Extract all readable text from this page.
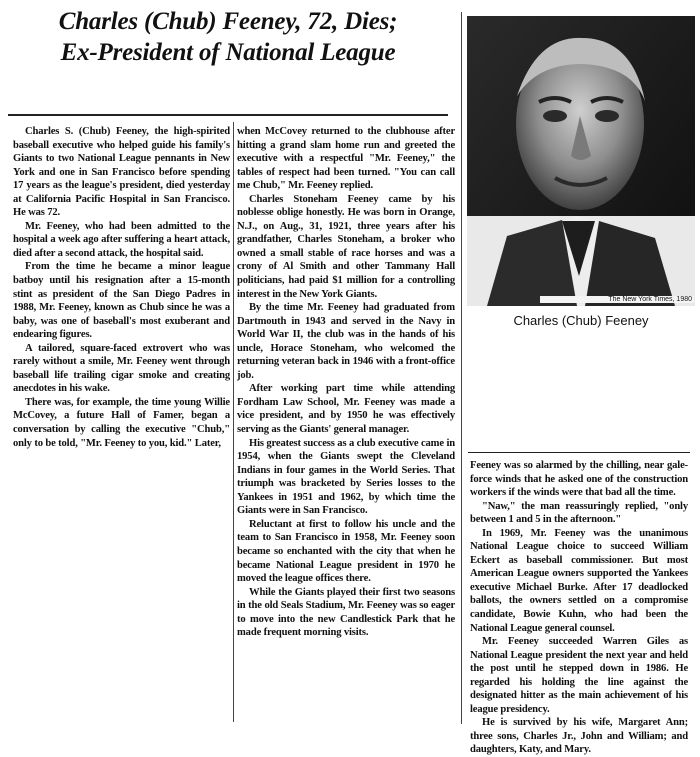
Charles (Chub) Feeney, 72, Dies;
Ex-President of National League
The New York Times, 1980
Charles (Chub) Feeney

Charles S. (Chub) Feeney, the high-spirited baseball executive who helped guide his family's Giants to two National League pennants in New York and one in San Francisco before spending 17 years as the league's president, died yesterday at California Pacific Hospital in San Francisco. He was 72.

Mr. Feeney, who had been admitted to the hospital a week ago after suffering a heart attack, died after a second attack, the hospital said.

From the time he became a minor league batboy until his resignation after a 15-month stint as president of the San Diego Padres in 1988, Mr. Feeney, known as Chub since he was a baby, was one of baseball's most exuberant and endearing figures.

A tailored, square-faced extrovert who was rarely without a smile, Mr. Feeney went through baseball life trailing cigar smoke and creating anecdotes in his wake.

There was, for example, the time young Willie McCovey, a future Hall of Famer, began a conversation by calling the executive "Chub," only to be told, "Mr. Feeney to you, kid." Later,

when McCovey returned to the clubhouse after hitting a grand slam home run and greeted the executive with a respectful "Mr. Feeney," the tables of respect had been turned. "You can call me Chub," Mr. Feeney replied.

Charles Stoneham Feeney came by his noblesse oblige honestly. He was born in Orange, N.J., on Aug., 31, 1921, three years after his grandfather, Charles Stoneham, a broker who owned a small stable of race horses and was a crony of Al Smith and other Tammany Hall politicians, had paid $1 million for a controlling interest in the New York Giants.

By the time Mr. Feeney had graduated from Dartmouth in 1943 and served in the Navy in World War II, the club was in the hands of his uncle, Horace Stoneham, who welcomed the returning veteran back in 1946 with a front-office job.

After working part time while attending Fordham Law School, Mr. Feeney was made a vice president, and by 1950 he was effectively serving as the Giants' general manager.

His greatest success as a club executive came in 1954, when the Giants swept the Cleveland Indians in four games in the World Series. That triumph was bracketed by Series losses to the Yankees in 1951 and 1962, by which time the Giants were in San Francisco.

Reluctant at first to follow his uncle and the team to San Francisco in 1958, Mr. Feeney soon became so enchanted with the city that when he became National League president in 1970 he moved the league offices there.

While the Giants played their first two seasons in the old Seals Stadium, Mr. Feeney was so eager to move into the new Candlestick Park that he made frequent morning visits.

Feeney was so alarmed by the chilling, near gale-force winds that he asked one of the construction workers if the winds were that bad all the time.

"Naw," the man reassuringly replied, "only between 1 and 5 in the afternoon."

In 1969, Mr. Feeney was the unanimous National League choice to succeed William Eckert as baseball commissioner. But most American League owners supported the Yankees executive Michael Burke. After 17 deadlocked ballots, the owners settled on a compromise candidate, Bowie Kuhn, who had been the National League general counsel.

Mr. Feeney succeeded Warren Giles as National League president the next year and held the post until he stepped down in 1986. He regarded his holding the line against the designated hitter as the main achievement of his league presidency.

He is survived by his wife, Margaret Ann; three sons, Charles Jr., John and William; and daughters, Katy, and Mary.
